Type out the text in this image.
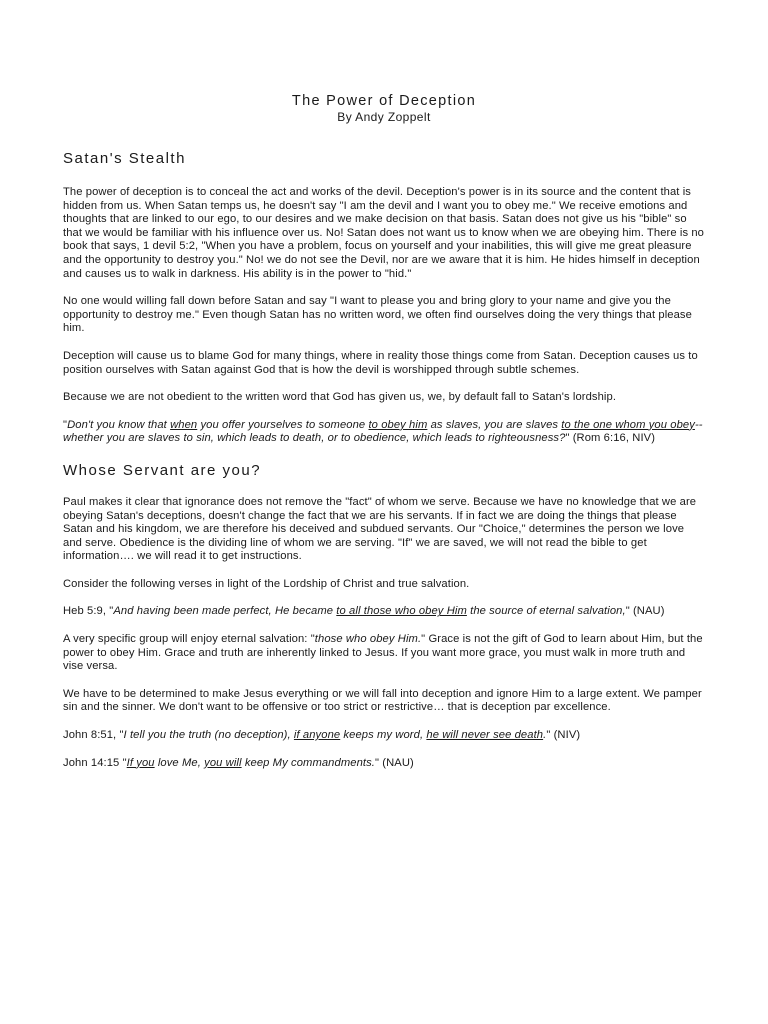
The Power of Deception
By Andy Zoppelt
Satan's Stealth

The power of deception is to conceal the act and works of the devil. Deception's power is in its source and the content that is hidden from us. When Satan temps us, he doesn't say "I am the devil and I want you to obey me." We receive emotions and thoughts that are linked to our ego, to our desires and we make decision on that basis. Satan does not give us his "bible" so that we would be familiar with his influence over us. No! Satan does not want us to know when we are obeying him. There is no book that says, 1 devil 5:2, "When you have a problem, focus on yourself and your inabilities, this will give me great pleasure and the opportunity to destroy you." No! we do not see the Devil, nor are we aware that it is him. He hides himself in deception and causes us to walk in darkness. His ability is in the power to "hid."

No one would willing fall down before Satan and say "I want to please you and bring glory to your name and give you the opportunity to destroy me." Even though Satan has no written word, we often find ourselves doing the very things that please him.

Deception will cause us to blame God for many things, where in reality those things come from Satan. Deception causes us to position ourselves with Satan against God that is how the devil is worshipped through subtle schemes.

Because we are not obedient to the written word that God has given us, we, by default fall to Satan's lordship.

"Don't you know that when you offer yourselves to someone to obey him as slaves, you are slaves to the one whom you obey-- whether you are slaves to sin, which leads to death, or to obedience, which leads to righteousness?" (Rom 6:16, NIV)

Whose Servant are you?

Paul makes it clear that ignorance does not remove the "fact" of whom we serve. Because we have no knowledge that we are obeying Satan's deceptions, doesn't change the fact that we are his servants. If in fact we are doing the things that please Satan and his kingdom, we are therefore his deceived and subdued servants. Our "Choice," determines the person we love and serve. Obedience is the dividing line of whom we are serving. "If" we are saved, we will not read the bible to get information…. we will read it to get instructions.

Consider the following verses in light of the Lordship of Christ and true salvation.

Heb 5:9, "And having been made perfect, He became to all those who obey Him the source of eternal salvation," (NAU)

A very specific group will enjoy eternal salvation: "those who obey Him." Grace is not the gift of God to learn about Him, but the power to obey Him. Grace and truth are inherently linked to Jesus. If you want more grace, you must walk in more truth and vise versa.

We have to be determined to make Jesus everything or we will fall into deception and ignore Him to a large extent. We pamper sin and the sinner. We don't want to be offensive or too strict or restrictive… that is deception par excellence.

John 8:51, "I tell you the truth (no deception), if anyone keeps my word, he will never see death." (NIV)

John 14:15 "If you love Me, you will keep My commandments." (NAU)
